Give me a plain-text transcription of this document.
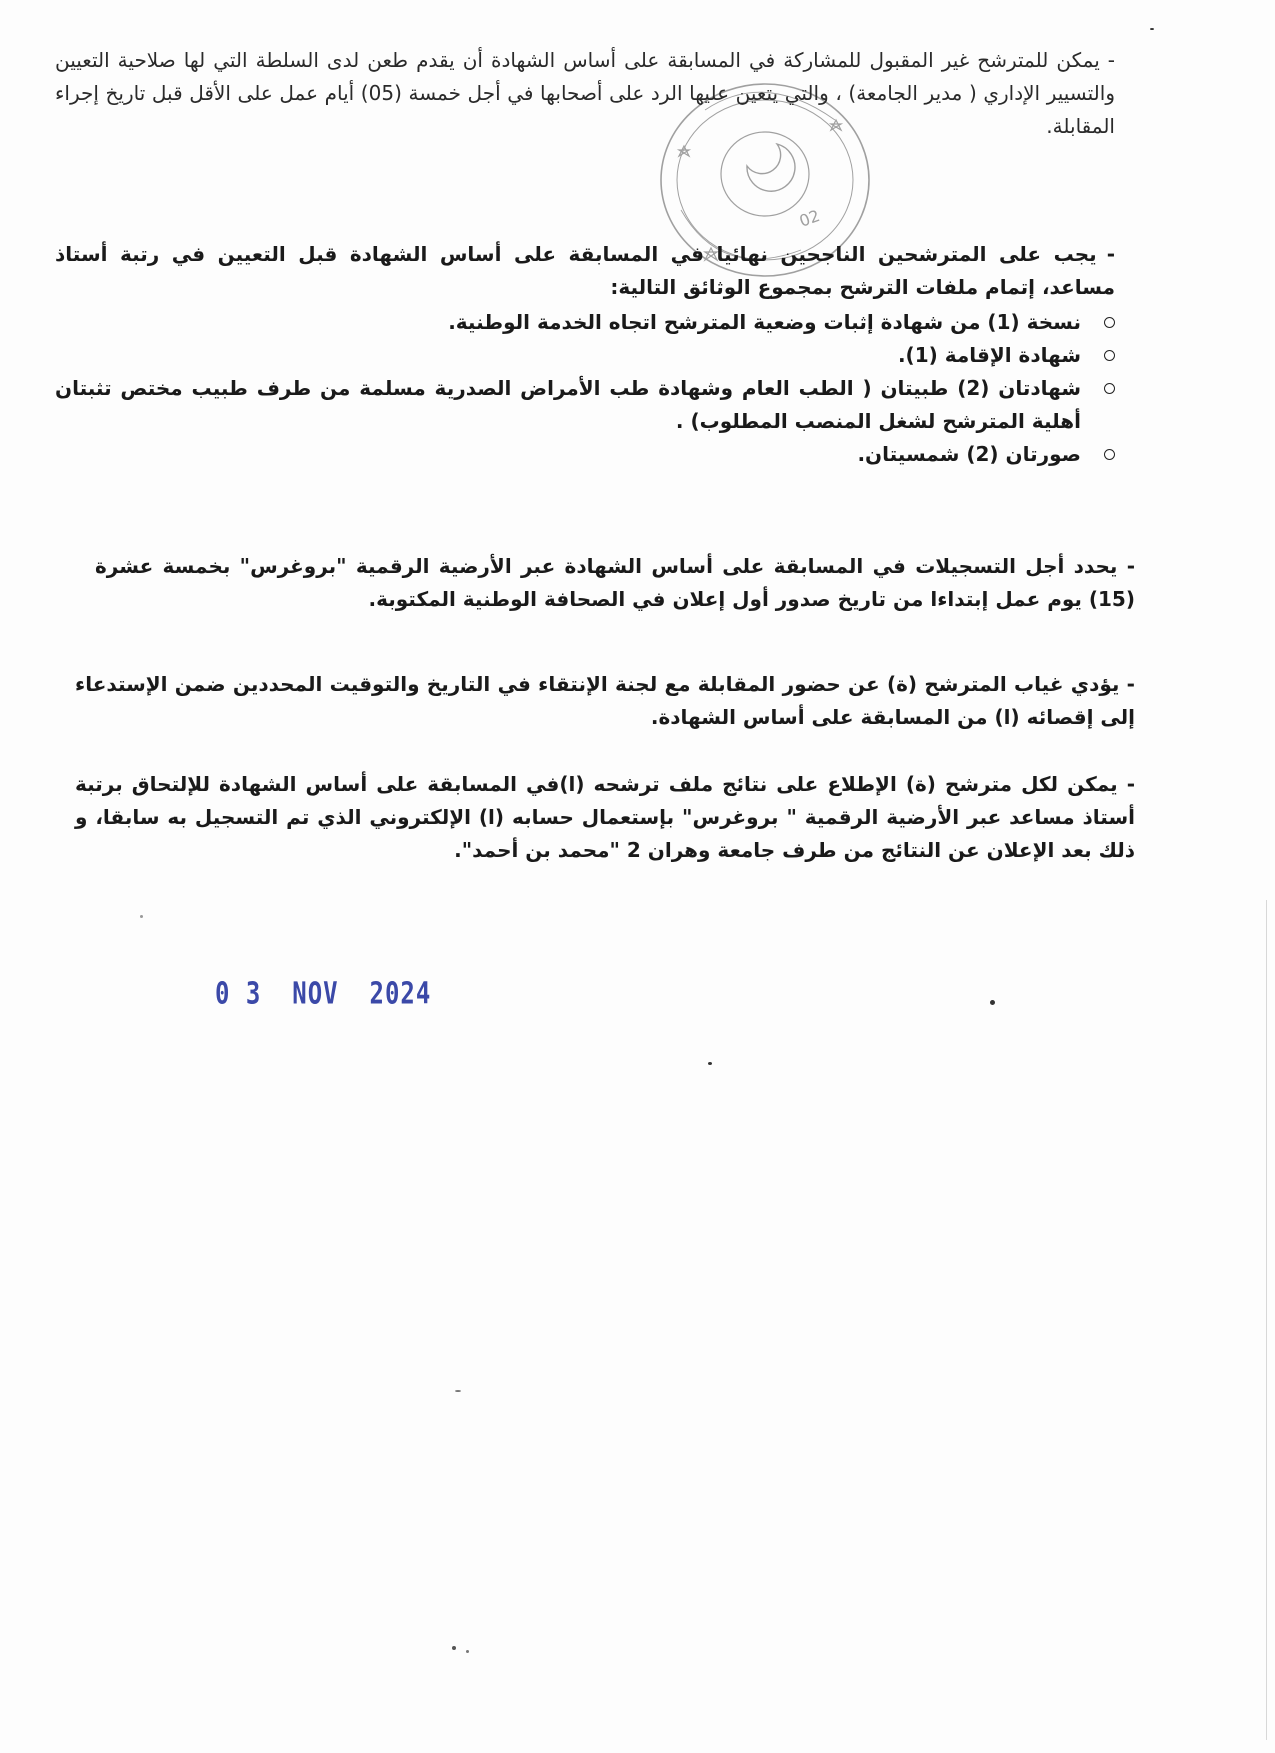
02

-يمكن للمترشح غير المقبول للمشاركة في المسابقة على أساس الشهادة أن يقدم طعن لدى السلطة التي لها صلاحية التعيين والتسيير الإداري ( مدير الجامعة) ، والتي يتعين عليها الرد على أصحابها في أجل خمسة (05) أيام عمل على الأقل قبل تاريخ إجراء المقابلة.

-يجب على المترشحين الناجحين نهائيا في المسابقة على أساس الشهادة قبل التعيين في رتبة أستاذ مساعد، إتمام ملفات الترشح بمجموع الوثائق التالية:

نسخة (1) من شهادة إثبات وضعية المترشح اتجاه الخدمة الوطنية.
شهادة الإقامة (1).
شهادتان (2) طبيتان ( الطب العام وشهادة طب الأمراض الصدرية مسلمة من طرف طبيب مختص تثبتان أهلية المترشح لشغل المنصب المطلوب) .
صورتان (2) شمسيتان.

- يحدد أجل التسجيلات في المسابقة على أساس الشهادة عبر الأرضية الرقمية "بروغرس" بخمسة عشرة (15) يوم عمل إبتداءا من تاريخ صدور أول إعلان في الصحافة الوطنية المكتوبة.

- يؤدي غياب المترشح (ة) عن حضور المقابلة مع لجنة الإنتقاء في التاريخ والتوقيت المحددين ضمن الإستدعاء إلى إقصائه (ا) من المسابقة على أساس الشهادة.

- يمكن لكل مترشح (ة) الإطلاع على نتائج ملف ترشحه (ا)في المسابقة على أساس الشهادة للإلتحاق برتبة أستاذ مساعد عبر الأرضية الرقمية " بروغرس" بإستعمال حسابه (ا) الإلكتروني الذي تم التسجيل به سابقا، و ذلك بعد الإعلان عن النتائج من طرف جامعة وهران 2 "محمد بن أحمد".

0 3  NOV  2024
